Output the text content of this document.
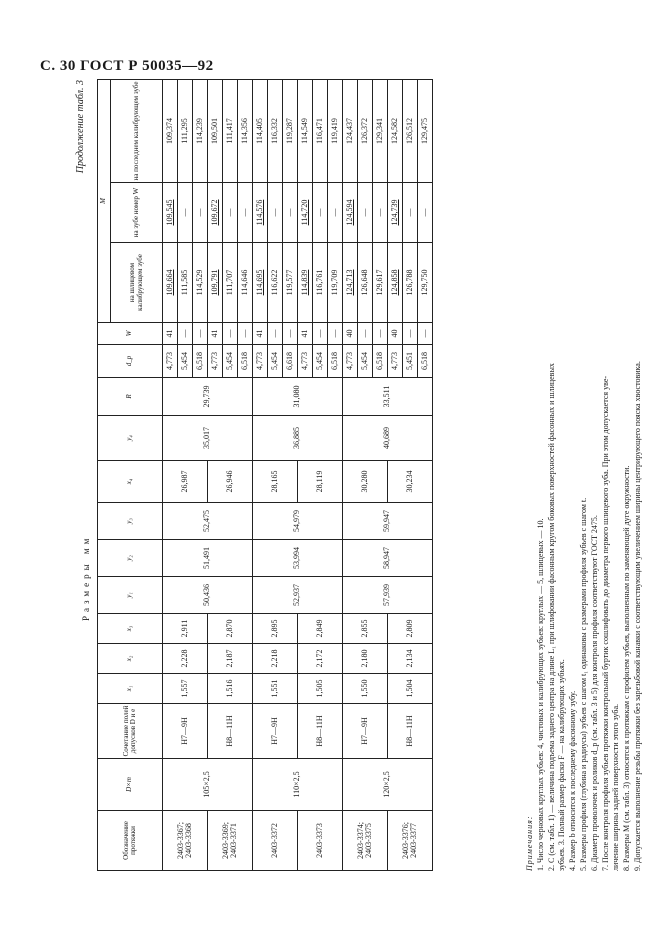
С. 30 ГОСТ Р 50035—92
Продолжение табл. 3
Размеры мм
Обозначение протяжки	D×m	Сочетание полей допусков D и e	x₁	x₂	x₃	y₁	y₂	y₃	x₄	y₄	R	d_p	W	M		
														на шлицевом калибрующем зубе	на зубе номер W	на последнем калибрующем зубе
2403-3367; 2403-3368	105×2,5	H7—9H	1,557	2,228	2,911	50,436	51,491	52,475	26,987	35,017	29,739	4,773	41	109,664	109,545	109,374
												5,454	—	111,585	—	111,295
												6,518	—	114,529	—	114,239
2403-3369; 2403-3371		H8—11H	1,516	2,187	2,870				26,946			4,773	41	109,791	109,672	109,501
												5,454	—	111,707	—	111,417
												6,518	—	114,646	—	114,356
2403-3372	110×2,5	H7—9H	1,551	2,218	2,895	52,937	53,994	54,979	28,165	36,885	31,080	4,773	41	114,695	114,576	114,405
												5,454	—	116,622	—	116,332
												6,618	—	119,577	—	119,287
2403-3373		H8—11H	1,505	2,172	2,849				28,119			4,773	41	114,839	114,720	114,549
												5,454	—	116,761	—	116,471
												6,518	—	119,709	—	119,419
2403-3374; 2403-3375	120×2,5	H7—9H	1,550	2,180	2,855	57,939	58,947	59,947	30,280	40,689	33,511	4,773	40	124,713	124,594	124,437
												5,454	—	126,648	—	126,372
												6,518	—	129,617	—	129,341
2403-3376; 2403-3377		H8—11H	1,504	2,134	2,809				30,234			4,773	40	124,858	124,739	124,582
												5,451	—	126,788	—	126,512
												6,518	—	129,750	—	129,475
Примечания: 1. Число черновых круглых зубьев: 4, чистовых и калибрующих зубьев: круглых — 5, шлицевых — 10. 2. C (см. табл. 1) — величина подъема заднего центра на длине L₁ при шлифовании фасонным кругом боковых поверхностей фасонных и шлицевых зубьев. 3. Полный размер фаски F — на калибрующих зубьях. 4. Размер b относится к последнему фасонному зубу. 5. Размеры профиля (глубина и радиусы) зубьев с шагом t₁ одинаковы с размерами профиля зубьев с шагом t. 6. Диаметр проволочек и роликов d_p (см. табл. 3 и 5) для контроля профиля соответствуют ГОСТ 2475. 7. После контроля профиля зубьев протяжки контрольный буртик сошлифовать до диаметра первого шлицевого зуба. При этом допускается уве- личение ширины задней поверхности этого зуба. 8. Размеры M (см. табл. 3) относятся к протяжкам с профилем зубьев, выполненным по заменяющей дуге окружности. 9. Допускается выполнение резьбы протяжки без зарезьбовой канавки с соответствующим увеличением ширины центрирующего пояска хвостовика.
